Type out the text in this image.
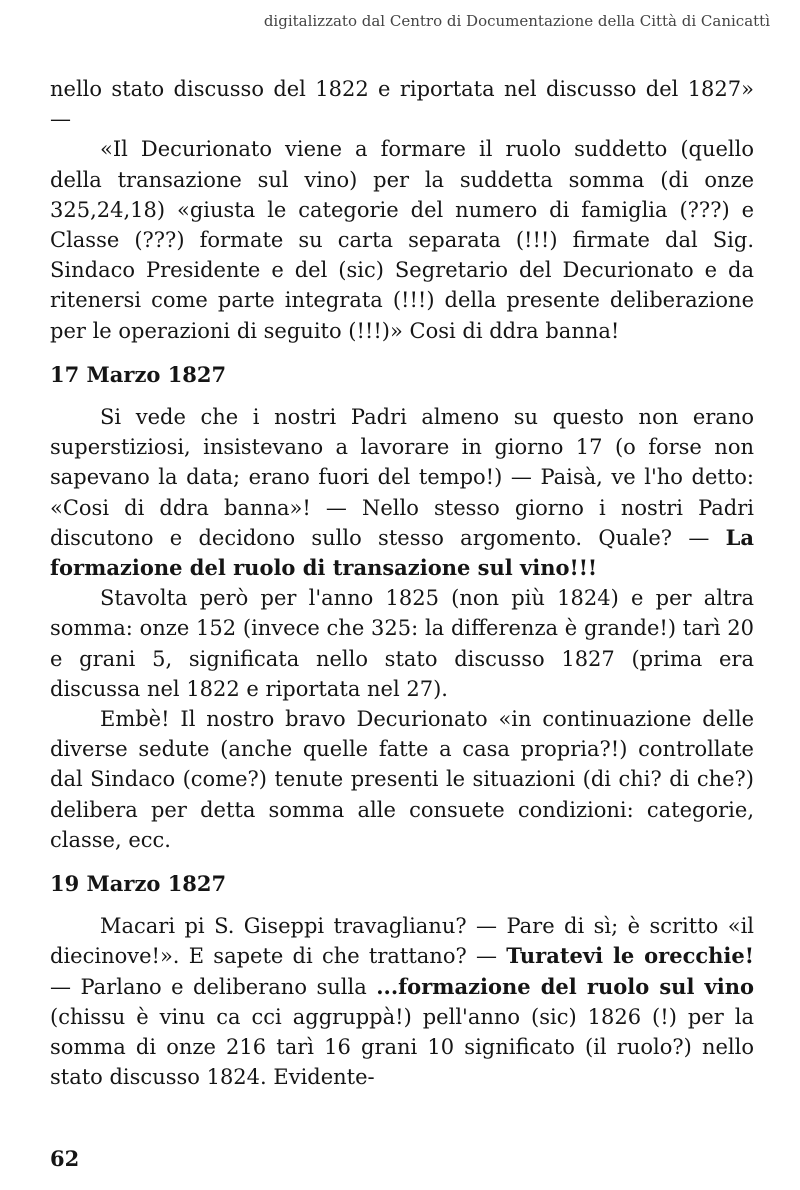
digitalizzato dal Centro di Documentazione della Città di Canicattì

nello stato discusso del 1822 e riportata nel discusso del 1827» —

«Il Decurionato viene a formare il ruolo suddetto (quello della transazione sul vino) per la suddetta somma (di onze 325,24,18) «giusta le categorie del numero di famiglia (???) e Classe (???) formate su carta separata (!!!) firmate dal Sig. Sindaco Presidente e del (sic) Segretario del Decurionato e da ritenersi come parte integrata (!!!) della presente deliberazione per le operazioni di seguito (!!!)» Cosi di ddra banna!

17 Marzo 1827

Si vede che i nostri Padri almeno su questo non erano superstiziosi, insistevano a lavorare in giorno 17 (o forse non sapevano la data; erano fuori del tempo!) — Paisà, ve l'ho detto: «Cosi di ddra banna»! — Nello stesso giorno i nostri Padri discutono e decidono sullo stesso argomento. Quale? — La formazione del ruolo di transazione sul vino!!!

Stavolta però per l'anno 1825 (non più 1824) e per altra somma: onze 152 (invece che 325: la differenza è grande!) tarì 20 e grani 5, significata nello stato discusso 1827 (prima era discussa nel 1822 e riportata nel 27).

Embè! Il nostro bravo Decurionato «in continuazione delle diverse sedute (anche quelle fatte a casa propria?!) controllate dal Sindaco (come?) tenute presenti le situazioni (di chi? di che?) delibera per detta somma alle consuete condizioni: categorie, classe, ecc.

19 Marzo 1827

Macari pi S. Giseppi travaglianu? — Pare di sì; è scritto «il diecinove!». E sapete di che trattano? — Turatevi le orecchie! — Parlano e deliberano sulla ...formazione del ruolo sul vino (chissu è vinu ca cci aggruppà!) pell'anno (sic) 1826 (!) per la somma di onze 216 tarì 16 grani 10 significato (il ruolo?) nello stato discusso 1824. Evidente-

62
